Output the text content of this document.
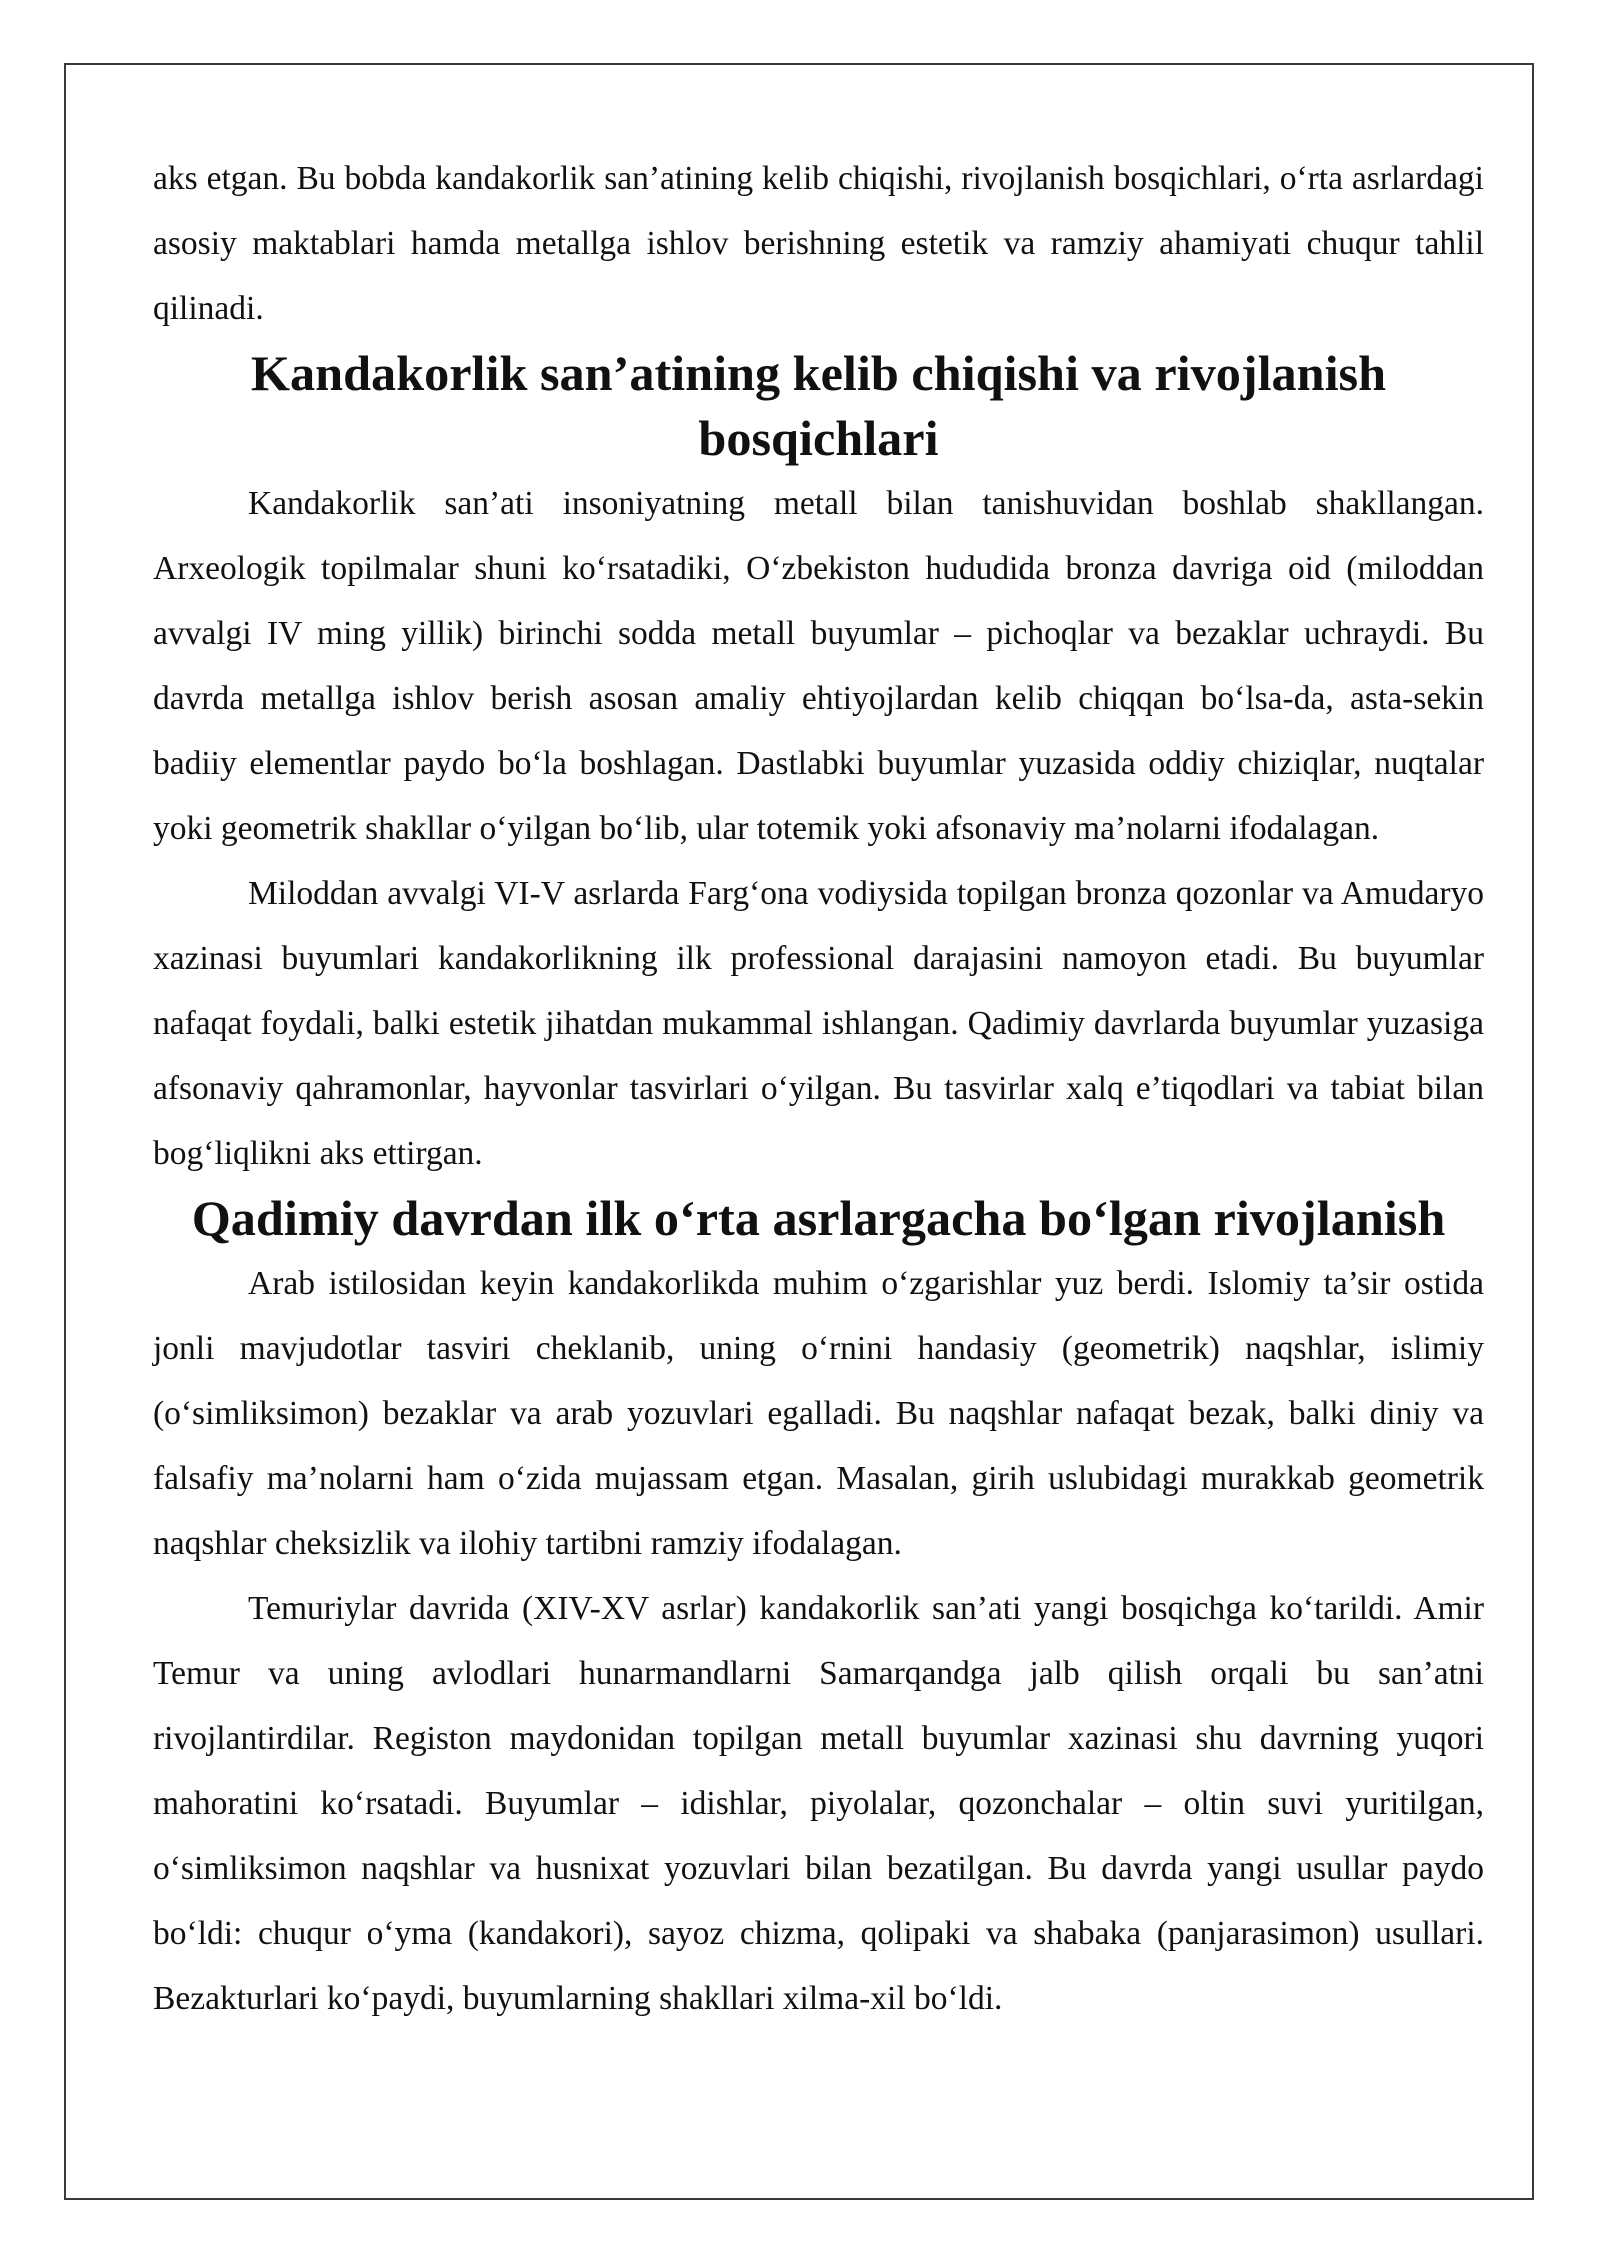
aks etgan. Bu bobda kandakorlik san’atining kelib chiqishi, rivojlanish bosqichlari, o‘rta asrlardagi asosiy maktablari hamda metallga ishlov berishning estetik va ramziy ahamiyati chuqur tahlil qilinadi.

Kandakorlik san’atining kelib chiqishi va rivojlanish bosqichlari

Kandakorlik san’ati insoniyatning metall bilan tanishuvidan boshlab shakllangan. Arxeologik topilmalar shuni ko‘rsatadiki, O‘zbekiston hududida bronza davriga oid (miloddan avvalgi IV ming yillik) birinchi sodda metall buyumlar – pichoqlar va bezaklar uchraydi. Bu davrda metallga ishlov berish asosan amaliy ehtiyojlardan kelib chiqqan bo‘lsa-da, asta-sekin badiiy elementlar paydo bo‘la boshlagan. Dastlabki buyumlar yuzasida oddiy chiziqlar, nuqtalar yoki geometrik shakllar o‘yilgan bo‘lib, ular totemik yoki afsonaviy ma’nolarni ifodalagan.

Miloddan avvalgi VI-V asrlarda Farg‘ona vodiysida topilgan bronza qozonlar va Amudaryo xazinasi buyumlari kandakorlikning ilk professional darajasini namoyon etadi. Bu buyumlar nafaqat foydali, balki estetik jihatdan mukammal ishlangan. Qadimiy davrlarda buyumlar yuzasiga afsonaviy qahramonlar, hayvonlar tasvirlari o‘yilgan. Bu tasvirlar xalq e’tiqodlari va tabiat bilan bog‘liqlikni aks ettirgan.

Qadimiy davrdan ilk o‘rta asrlargacha bo‘lgan rivojlanish

Arab istilosidan keyin kandakorlikda muhim o‘zgarishlar yuz berdi. Islomiy ta’sir ostida jonli mavjudotlar tasviri cheklanib, uning o‘rnini handasiy (geometrik) naqshlar, islimiy (o‘simliksimon) bezaklar va arab yozuvlari egalladi. Bu naqshlar nafaqat bezak, balki diniy va falsafiy ma’nolarni ham o‘zida mujassam etgan. Masalan, girih uslubidagi murakkab geometrik naqshlar cheksizlik va ilohiy tartibni ramziy ifodalagan.

Temuriylar davrida (XIV-XV asrlar) kandakorlik san’ati yangi bosqichga ko‘tarildi. Amir Temur va uning avlodlari hunarmandlarni Samarqandga jalb qilish orqali bu san’atni rivojlantirdilar. Registon maydonidan topilgan metall buyumlar xazinasi shu davrning yuqori mahoratini ko‘rsatadi. Buyumlar – idishlar, piyolalar, qozonchalar – oltin suvi yuritilgan, o‘simliksimon naqshlar va husnixat yozuvlari bilan bezatilgan. Bu davrda yangi usullar paydo bo‘ldi: chuqur o‘yma (kandakori), sayoz chizma, qolipaki va shabaka (panjarasimon) usullari. Bezakturlari ko‘paydi, buyumlarning shakllari xilma-xil bo‘ldi.
